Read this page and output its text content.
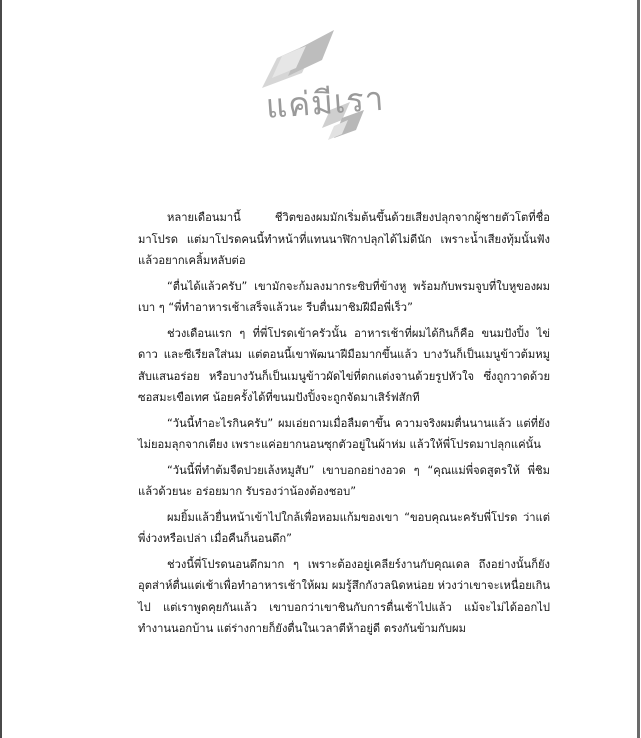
แค่มีเรา

หลายเดือนมานี้ ชีวิตของผมมักเริ่มต้นขึ้นด้วยเสียงปลุกจากผู้ชายตัวโตที่ชื่อ มาโปรด แต่มาโปรดคนนี้ทำหน้าที่แทนนาฬิกาปลุกได้ไม่ดีนัก เพราะน้ำเสียงทุ้มนั้นฟังแล้วอยากเคลิ้มหลับต่อ

“ตื่นได้แล้วครับ” เขามักจะก้มลงมากระซิบที่ข้างหู พร้อมกับพรมจูบที่ใบหูของผมเบา ๆ “พี่ทำอาหารเช้าเสร็จแล้วนะ รีบตื่นมาชิมฝีมือพี่เร็ว”

ช่วงเดือนแรก ๆ ที่พี่โปรดเข้าครัวนั้น อาหารเช้าที่ผมได้กินก็คือ ขนมปังปิ้ง ไข่ดาว และซีเรียลใส่นม แต่ตอนนี้เขาพัฒนาฝีมือมากขึ้นแล้ว บางวันก็เป็นเมนูข้าวต้มหมูสับแสนอร่อย หรือบางวันก็เป็นเมนูข้าวผัดไข่ที่ตกแต่งจานด้วยรูปหัวใจ ซึ่งถูกวาดด้วยซอสมะเขือเทศ น้อยครั้งได้ที่ขนมปังปิ้งจะถูกจัดมาเสิร์ฟสักที

“วันนี้ทำอะไรกินครับ” ผมเอ่ยถามเมื่อลืมตาขึ้น ความจริงผมตื่นนานแล้ว แต่ที่ยังไม่ยอมลุกจากเตียง เพราะแค่อยากนอนซุกตัวอยู่ในผ้าห่ม แล้วให้พี่โปรดมาปลุกแค่นั้น

“วันนี้พี่ทำต้มจืดปวยเล้งหมูสับ” เขาบอกอย่างอวด ๆ “คุณแม่พี่จดสูตรให้ พี่ชิมแล้วด้วยนะ อร่อยมาก รับรองว่าน้องต้องชอบ”

ผมยิ้มแล้วยื่นหน้าเข้าไปใกล้เพื่อหอมแก้มของเขา “ขอบคุณนะครับพี่โปรด ว่าแต่พี่ง่วงหรือเปล่า เมื่อคืนก็นอนดึก”

ช่วงนี้พี่โปรดนอนดึกมาก ๆ เพราะต้องอยู่เคลียร์งานกับคุณเดล ถึงอย่างนั้นก็ยังอุตส่าห์ตื่นแต่เช้าเพื่อทำอาหารเช้าให้ผม ผมรู้สึกกังวลนิดหน่อย ห่วงว่าเขาจะเหนื่อยเกินไป แต่เราพูดคุยกันแล้ว เขาบอกว่าเขาชินกับการตื่นเช้าไปแล้ว แม้จะไม่ได้ออกไปทำงานนอกบ้าน แต่ร่างกายก็ยังตื่นในเวลาตีห้าอยู่ดี ตรงกันข้ามกับผม
